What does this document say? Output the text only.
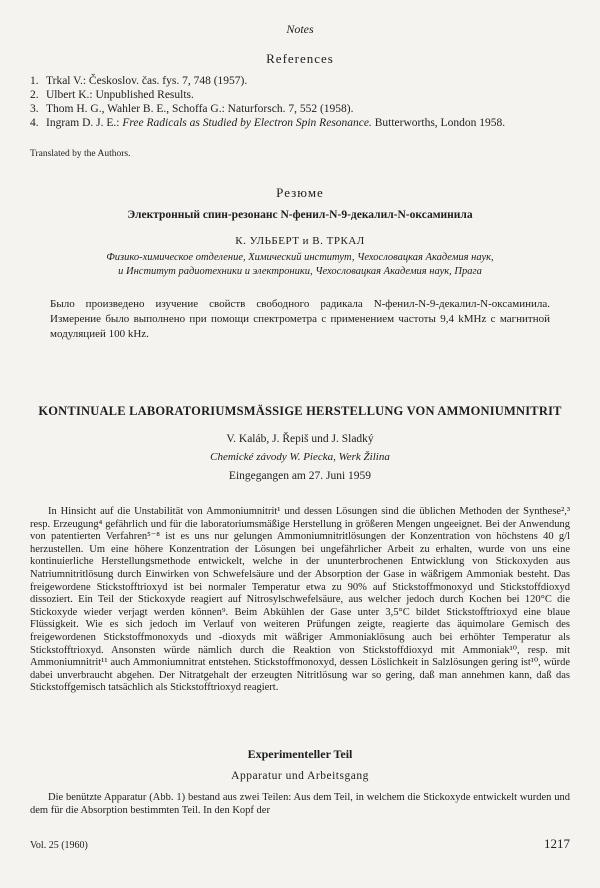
Notes
References
1. Trkal V.: Českoslov. čas. fys. 7, 748 (1957).
2. Ulbert K.: Unpublished Results.
3. Thom H. G., Wahler B. E., Schoffa G.: Naturforsch. 7, 552 (1958).
4. Ingram D. J. E.: Free Radicals as Studied by Electron Spin Resonance. Butterworths, London 1958.
Translated by the Authors.
Резюме
Электронный спин-резонанс N-фенил-N-9-декалил-N-оксаминила
К. УЛЬБЕРТ и В. ТРКАЛ
Физико-химическое отделение, Химический институт, Чехословацкая Академия наук,
и Институт радиотехники и электроники, Чехословацкая Академия наук, Прага

Было произведено изучение свойств свободного радикала N-фенил-N-9-декалил-N-оксаминила. Измерение было выполнено при помощи спектрометра с применением частоты 9,4 kMHz с магнитной модуляцией 100 kHz.

KONTINUALE LABORATORIUMSMÄSSIGE HERSTELLUNG VON AMMONIUMNITRIT
V. Kaláb, J. Řepiš und J. Sladký
Chemické závody W. Piecka, Werk Žilina
Eingegangen am 27. Juni 1959

In Hinsicht auf die Unstabilität von Ammoniumnitrit¹ und dessen Lösungen sind die üblichen Methoden der Synthese²,³ resp. Erzeugung⁴ gefährlich und für die laboratoriumsmäßige Herstellung in größeren Mengen ungeeignet. Bei der Anwendung von patentierten Verfahren⁵⁻⁸ ist es uns nur gelungen Ammoniumnitritlösungen der Konzentration von höchstens 40 g/l herzustellen. Um eine höhere Konzentration der Lösungen bei ungefährlicher Arbeit zu erhalten, wurde von uns eine kontinuierliche Herstellungsmethode entwickelt, welche in der ununterbrochenen Entwicklung von Stickoxyden aus Natriumnitritlösung durch Einwirken von Schwefelsäure und der Absorption der Gase in wäßrigem Ammoniak besteht. Das freigewordene Stickstofftrioxyd ist bei normaler Temperatur etwa zu 90% auf Stickstoffmonoxyd und Stickstoffdioxyd dissoziert. Ein Teil der Stickoxyde reagiert auf Nitrosylschwefelsäure, aus welcher jedoch durch Kochen bei 120°C die Stickoxyde wieder verjagt werden können⁹. Beim Abkühlen der Gase unter 3,5°C bildet Stickstofftrioxyd eine blaue Flüssigkeit. Wie es sich jedoch im Verlauf von weiteren Prüfungen zeigte, reagierte das äquimolare Gemisch des freigewordenen Stickstoffmonoxyds und -dioxyds mit wäßriger Ammoniaklösung auch bei erhöhter Temperatur als Stickstofftrioxyd. Ansonsten würde nämlich durch die Reaktion von Stickstoffdioxyd mit Ammoniak¹⁰, resp. mit Ammoniumnitrit¹¹ auch Ammoniumnitrat entstehen. Stickstoffmonoxyd, dessen Löslichkeit in Salzlösungen gering ist¹⁰, würde dabei unverbraucht abgehen. Der Nitratgehalt der erzeugten Nitritlösung war so gering, daß man annehmen kann, daß das Stickstoffgemisch tatsächlich als Stickstofftrioxyd reagiert.

Experimenteller Teil
Apparatur und Arbeitsgang

Die benützte Apparatur (Abb. 1) bestand aus zwei Teilen: Aus dem Teil, in welchem die Stickoxyde entwickelt wurden und dem für die Absorption bestimmten Teil. In den Kopf der

Vol. 25 (1960)	1217
